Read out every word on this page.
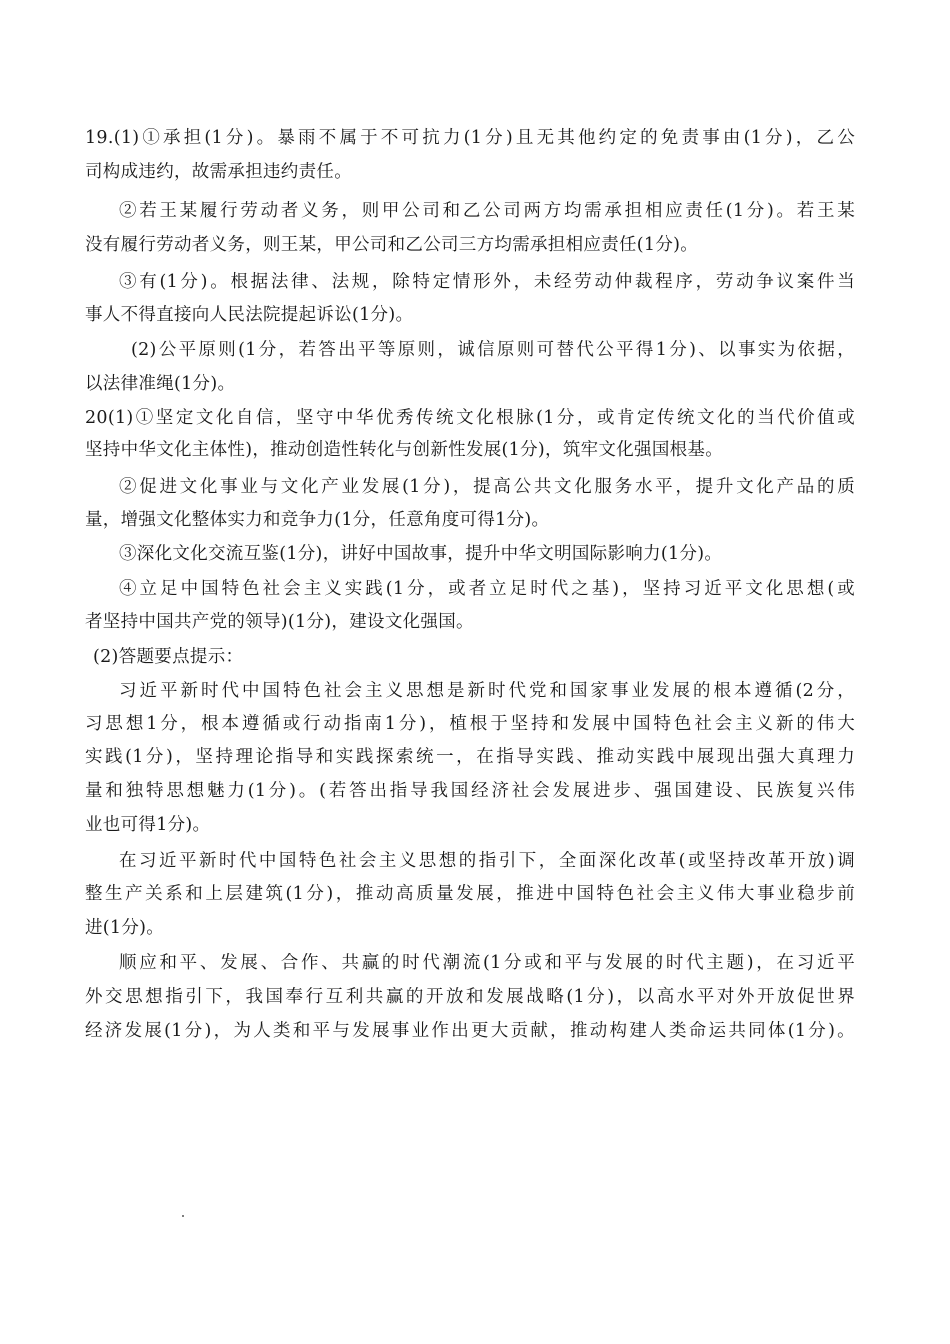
19.(1)①承担(1分)。暴雨不属于不可抗力(1分)且无其他约定的免责事由(1分)，乙公
司构成违约，故需承担违约责任。
②若王某履行劳动者义务，则甲公司和乙公司两方均需承担相应责任(1分)。若王某
没有履行劳动者义务，则王某，甲公司和乙公司三方均需承担相应责任(1分)。
③有(1分)。根据法律、法规，除特定情形外，未经劳动仲裁程序，劳动争议案件当
事人不得直接向人民法院提起诉讼(1分)。
(2)公平原则(1分，若答出平等原则，诚信原则可替代公平得1分)、以事实为依据，
以法律准绳(1分)。
20(1)①坚定文化自信，坚守中华优秀传统文化根脉(1分，或肯定传统文化的当代价值或
坚持中华文化主体性)，推动创造性转化与创新性发展(1分)，筑牢文化强国根基。
②促进文化事业与文化产业发展(1分)，提高公共文化服务水平，提升文化产品的质
量，增强文化整体实力和竞争力(1分，任意角度可得1分)。
③深化文化交流互鉴(1分)，讲好中国故事，提升中华文明国际影响力(1分)。
④立足中国特色社会主义实践(1分，或者立足时代之基)，坚持习近平文化思想(或
者坚持中国共产党的领导)(1分)，建设文化强国。
(2)答题要点提示：
习近平新时代中国特色社会主义思想是新时代党和国家事业发展的根本遵循(2分，
习思想1分，根本遵循或行动指南1分)，植根于坚持和发展中国特色社会主义新的伟大
实践(1分)，坚持理论指导和实践探索统一，在指导实践、推动实践中展现出强大真理力
量和独特思想魅力(1分)。(若答出指导我国经济社会发展进步、强国建设、民族复兴伟
业也可得1分)。
在习近平新时代中国特色社会主义思想的指引下，全面深化改革(或坚持改革开放)调
整生产关系和上层建筑(1分)，推动高质量发展，推进中国特色社会主义伟大事业稳步前
进(1分)。
顺应和平、发展、合作、共赢的时代潮流(1分或和平与发展的时代主题)，在习近平
外交思想指引下，我国奉行互利共赢的开放和发展战略(1分)，以高水平对外开放促世界
经济发展(1分)，为人类和平与发展事业作出更大贡献，推动构建人类命运共同体(1分)。
